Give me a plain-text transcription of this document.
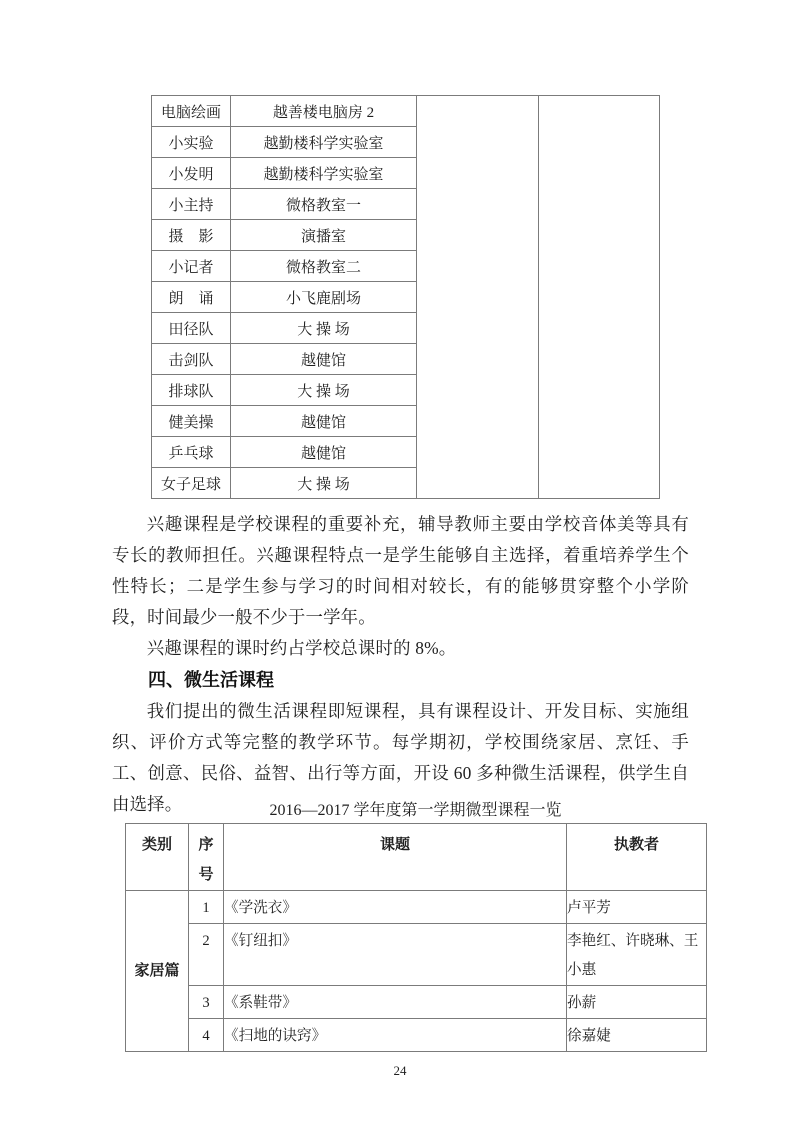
电脑绘画	越善楼电脑房 2		
小实验	越勤楼科学实验室		
小发明	越勤楼科学实验室		
小主持	微格教室一		
摄　影	演播室		
小记者	微格教室二		
朗　诵	小飞鹿剧场		
田径队	大 操 场		
击剑队	越健馆		
排球队	大 操 场		
健美操	越健馆		
乒乓球	越健馆		
女子足球	大 操 场		

兴趣课程是学校课程的重要补充，辅导教师主要由学校音体美等具有专长的教师担任。兴趣课程特点一是学生能够自主选择，着重培养学生个性特长；二是学生参与学习的时间相对较长，有的能够贯穿整个小学阶段，时间最少一般不少于一学年。

兴趣课程的课时约占学校总课时的 8%。

四、微生活课程

我们提出的微生活课程即短课程，具有课程设计、开发目标、实施组织、评价方式等完整的教学环节。每学期初，学校围绕家居、烹饪、手工、创意、民俗、益智、出行等方面，开设 60 多种微生活课程，供学生自由选择。	2016—2017 学年度第一学期微型课程一览
类别	序号	课题	执教者
家居篇	1	《学洗衣》	卢平芳
	2	《钉纽扣》	李艳红、许晓琳、王小惠
	3	《系鞋带》	孙薪
	4	《扫地的诀窍》	徐嘉婕
24
